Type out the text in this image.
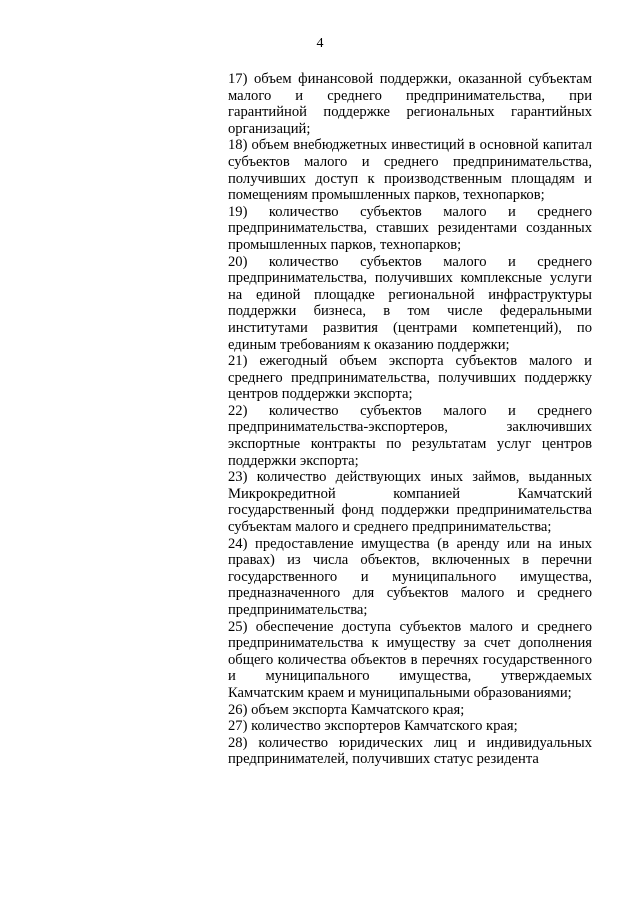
4

17) объем финансовой поддержки, оказанной субъектам малого и среднего предпринимательства, при гарантийной поддержке региональных гарантийных организаций;

18) объем внебюджетных инвестиций в основной капитал субъектов малого и среднего предпринимательства, получивших доступ к производственным площадям и помещениям промышленных парков, технопарков;

19) количество субъектов малого и среднего предпринимательства, ставших резидентами созданных промышленных парков, технопарков;

20) количество субъектов малого и среднего предпринимательства, получивших комплексные услуги на единой площадке региональной инфраструктуры поддержки бизнеса, в том числе федеральными институтами развития (центрами компетенций), по единым требованиям к оказанию поддержки;

21) ежегодный объем экспорта субъектов малого и среднего предпринимательства, получивших поддержку центров поддержки экспорта;

22) количество субъектов малого и среднего предпринимательства-экспортеров, заключивших экспортные контракты по результатам услуг центров поддержки экспорта;

23) количество действующих иных займов, выданных Микрокредитной компанией Камчатский государственный фонд поддержки предпринимательства субъектам малого и среднего предпринимательства;

24) предоставление имущества (в аренду или на иных правах) из числа объектов, включенных в перечни государственного и муниципального имущества, предназначенного для субъектов малого и среднего предпринимательства;

25) обеспечение доступа субъектов малого и среднего предпринимательства к имуществу за счет дополнения общего количества объектов в перечнях государственного и муниципального имущества, утверждаемых Камчатским краем и муниципальными образованиями;

26) объем экспорта Камчатского края;

27) количество экспортеров Камчатского края;

28) количество юридических лиц и индивидуальных предпринимателей, получивших статус резидента
